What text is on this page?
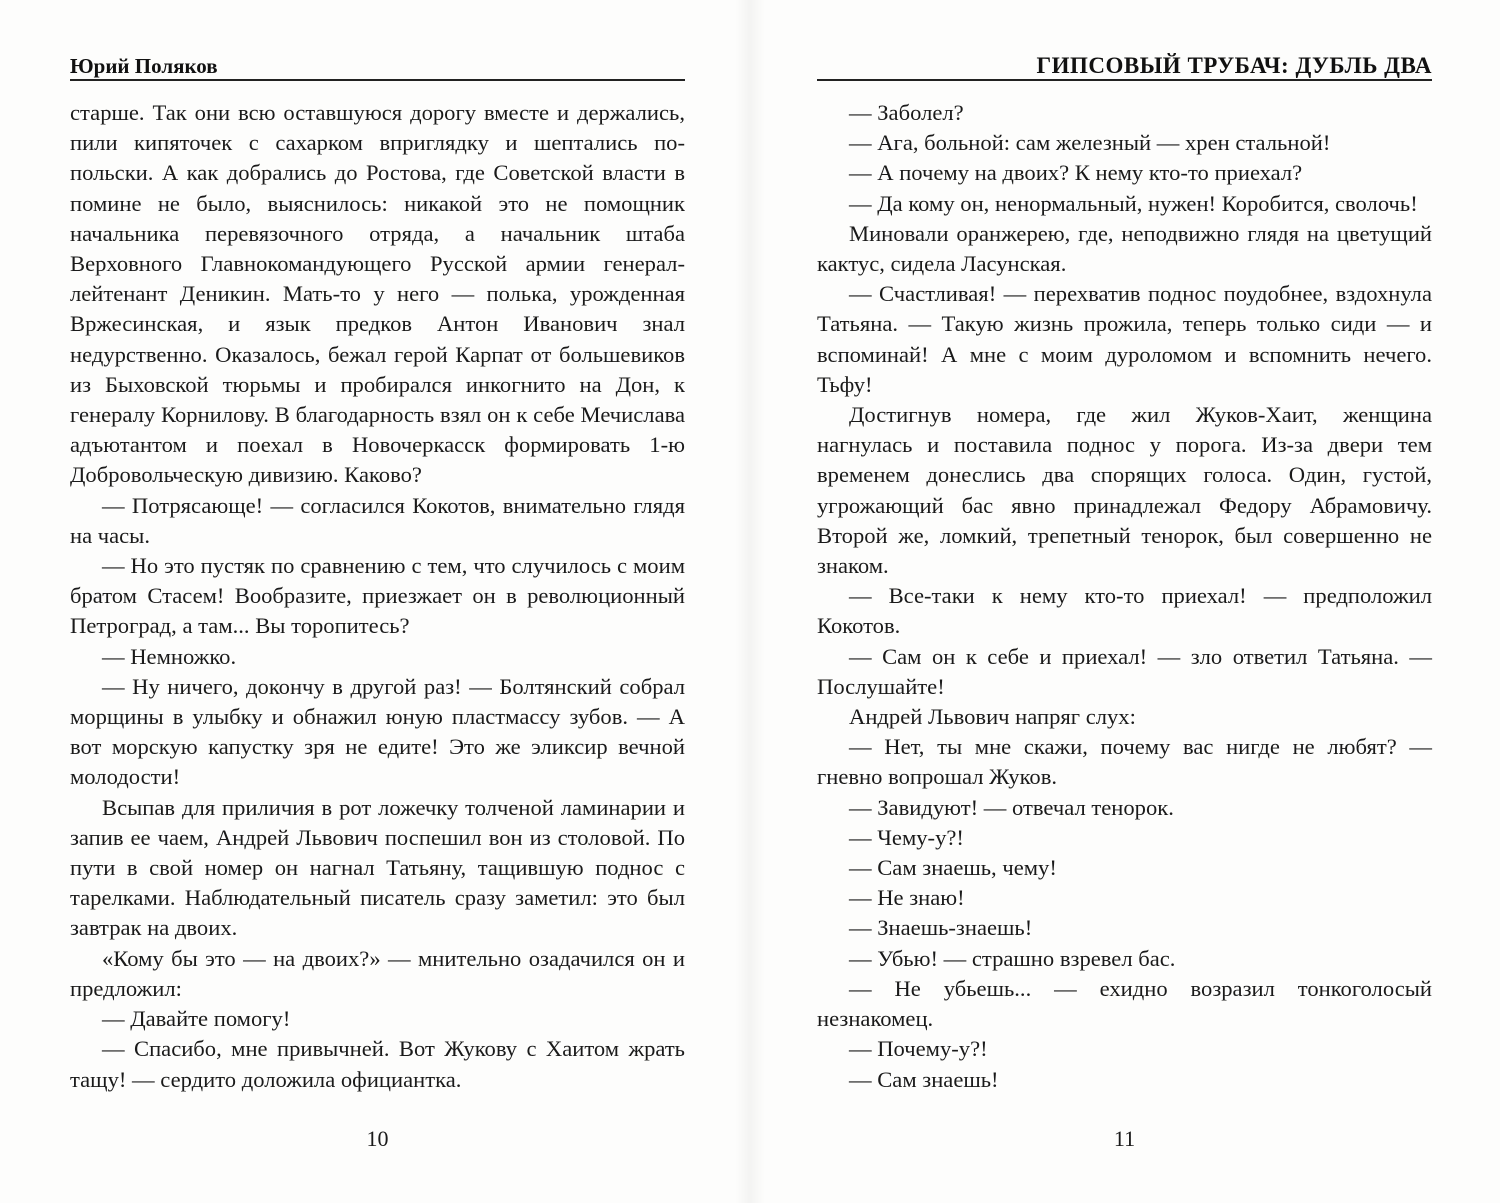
Юрий Поляков

старше. Так они всю оставшуюся дорогу вместе и держались, пили кипяточек с сахарком вприглядку и шептались по-польски. А как добрались до Ростова, где Советской власти в помине не было, выяснилось: никакой это не помощник начальника перевязочного отряда, а начальник штаба Верховного Главнокомандующего Русской армии генерал-лейтенант Деникин. Мать-то у него — полька, урожденная Вржесинская, и язык предков Антон Иванович знал недурственно. Оказалось, бежал герой Карпат от большевиков из Быховской тюрьмы и пробирался инкогнито на Дон, к генералу Корнилову. В благодарность взял он к себе Мечислава адъютантом и поехал в Новочеркасск формировать 1-ю Добровольческую дивизию. Каково?

— Потрясающе! — согласился Кокотов, внимательно глядя на часы.

— Но это пустяк по сравнению с тем, что случилось с моим братом Стасем! Вообразите, приезжает он в революционный Петроград, а там... Вы торопитесь?

— Немножко.

— Ну ничего, докончу в другой раз! — Болтянский собрал морщины в улыбку и обнажил юную пластмассу зубов. — А вот морскую капустку зря не едите! Это же эликсир вечной молодости!

Всыпав для приличия в рот ложечку толченой ламинарии и запив ее чаем, Андрей Львович поспешил вон из столовой. По пути в свой номер он нагнал Татьяну, тащившую поднос с тарелками. Наблюдательный писатель сразу заметил: это был завтрак на двоих.

«Кому бы это — на двоих?» — мнительно озадачился он и предложил:

— Давайте помогу!

— Спасибо, мне привычней. Вот Жукову с Хаитом жрать тащу! — сердито доложила официантка.

10
ГИПСОВЫЙ ТРУБАЧ: ДУБЛЬ ДВА

— Заболел?

— Ага, больной: сам железный — хрен стальной!

— А почему на двоих? К нему кто-то приехал?

— Да кому он, ненормальный, нужен! Коробится, сволочь!

Миновали оранжерею, где, неподвижно глядя на цветущий кактус, сидела Ласунская.

— Счастливая! — перехватив поднос поудобнее, вздохнула Татьяна. — Такую жизнь прожила, теперь только сиди — и вспоминай! А мне с моим дуроломом и вспомнить нечего. Тьфу!

Достигнув номера, где жил Жуков-Хаит, женщина нагнулась и поставила поднос у порога. Из-за двери тем временем донеслись два спорящих голоса. Один, густой, угрожающий бас явно принадлежал Федору Абрамовичу. Второй же, ломкий, трепетный тенорок, был совершенно не знаком.

— Все-таки к нему кто-то приехал! — предположил Кокотов.

— Сам он к себе и приехал! — зло ответил Татьяна. — Послушайте!

Андрей Львович напряг слух:

— Нет, ты мне скажи, почему вас нигде не любят? — гневно вопрошал Жуков.

— Завидуют! — отвечал тенорок.

— Чему-у?!

— Сам знаешь, чему!

— Не знаю!

— Знаешь-знаешь!

— Убью! — страшно взревел бас.

— Не убьешь... — ехидно возразил тонкоголосый незнакомец.

— Почему-у?!

— Сам знаешь!

11
